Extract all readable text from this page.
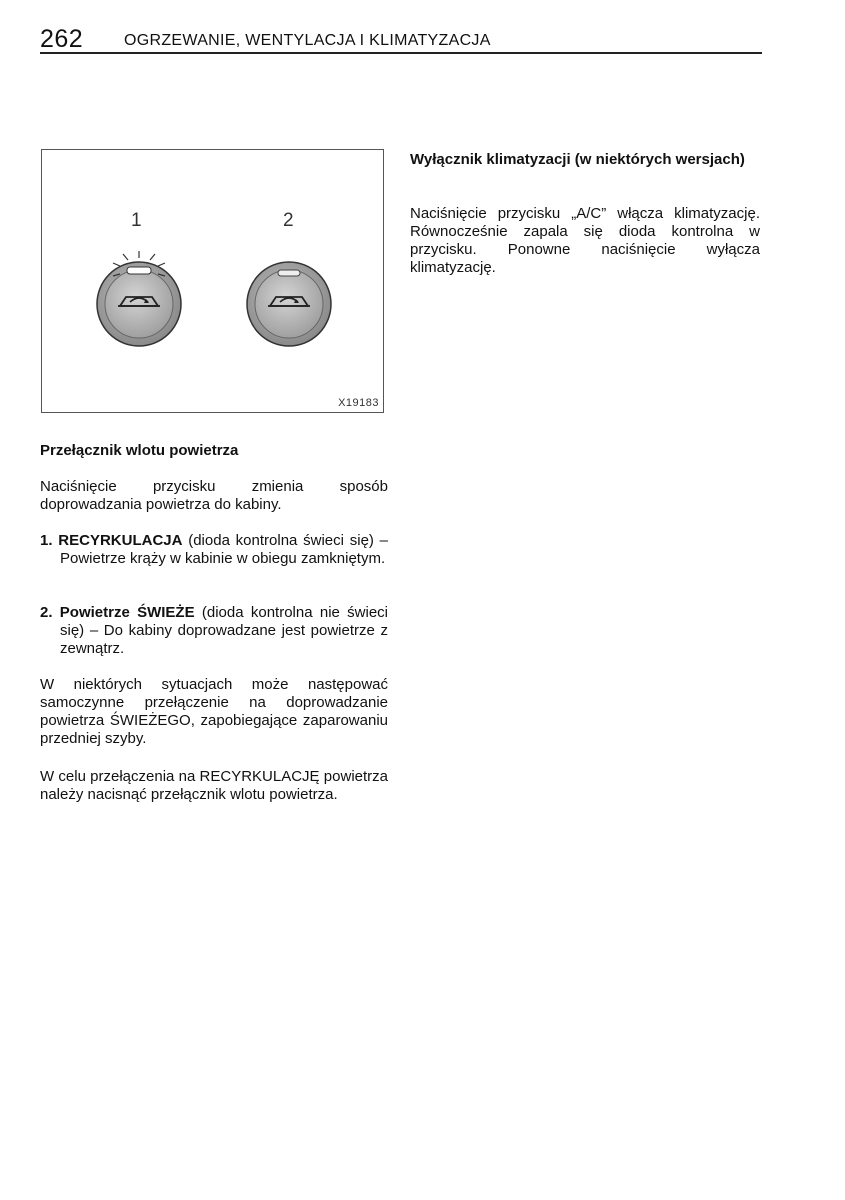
262	OGRZEWANIE, WENTYLACJA I KLIMATYZACJA
1	2
X19183
Wyłącznik klimatyzacji (w niektórych wersjach)
Naciśnięcie przycisku „A/C” włącza klimatyzację. Równocześnie zapala się dioda kontrolna w przycisku. Ponowne naciśnięcie wyłącza klimatyzację.
Przełącznik wlotu powietrza
Naciśnięcie przycisku zmienia sposób doprowadzania powietrza do kabiny.
1. RECYRKULACJA (dioda kontrolna świeci się) – Powietrze krąży w kabinie w obiegu zamkniętym.
2. Powietrze ŚWIEŻE (dioda kontrolna nie świeci się) – Do kabiny doprowadzane jest powietrze z zewnątrz.
W niektórych sytuacjach może następować samoczynne przełączenie na doprowadzanie powietrza ŚWIEŻEGO, zapobiegające zaparowaniu przedniej szyby.
W celu przełączenia na RECYRKULACJĘ powietrza należy nacisnąć przełącznik wlotu powietrza.
